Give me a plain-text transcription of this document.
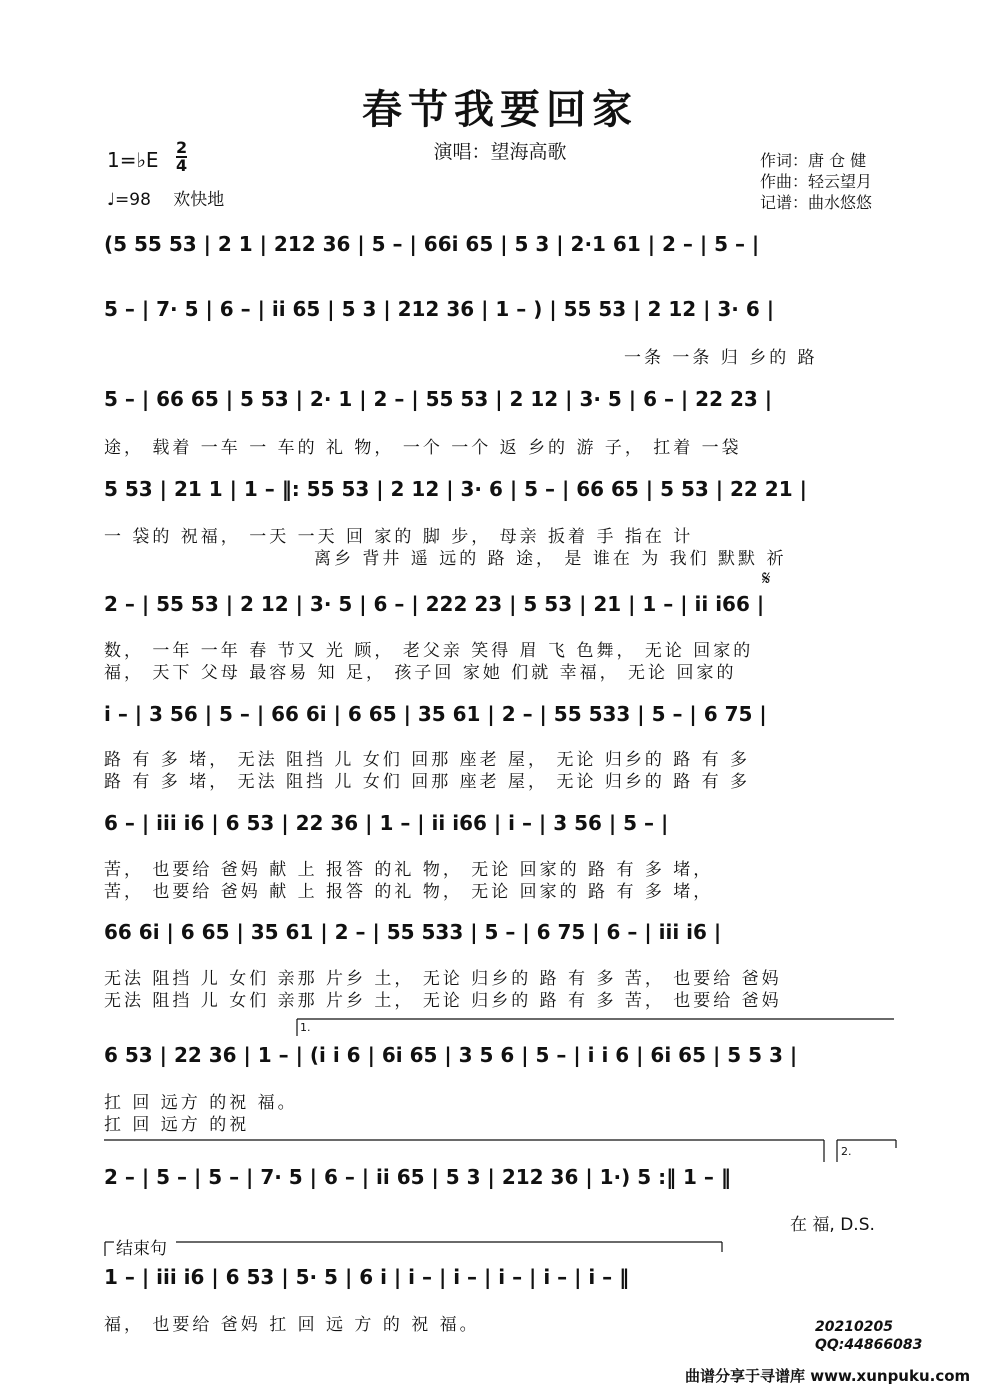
春节我要回家
演唱：望海高歌
1=♭E
2
4
♩=98　 欢快地
作词：唐 仓 健
作曲：轻云望月
记谱：曲水悠悠
(5 55 53 | 2 1 | 212 36 | 5 – | 66i 65 | 5 3 | 2·1 61 | 2 – | 5 – |
5 – | 7· 5 | 6 – | ii 65 | 5 3 | 212 36 | 1 – ) | 55 53 | 2 12 | 3· 6 |
一条 一条 归 乡的 路
5 – | 66 65 | 5 53 | 2· 1 | 2 – | 55 53 | 2 12 | 3· 5 | 6 – | 22 23 |
途， 载着 一车 一 车的 礼 物， 一个 一个 返 乡的 游 子， 扛着 一袋
5 53 | 21 1 | 1 – ‖: 55 53 | 2 12 | 3· 6 | 5 – | 66 65 | 5 53 | 22 21 |
一 袋的 祝福， 一天 一天 回 家的 脚 步， 母亲 扳着 手 指在 计
离乡 背井 遥 远的 路 途， 是 谁在 为 我们 默默 祈
𝄋
2 – | 55 53 | 2 12 | 3· 5 | 6 – | 222 23 | 5 53 | 21 | 1 – | ii i66 |
数， 一年 一年 春 节又 光 顾， 老父亲 笑得 眉 飞 色舞， 无论 回家的
福， 天下 父母 最容易 知 足， 孩子回 家她 们就 幸福， 无论 回家的
i – | 3 56 | 5 – | 66 6i | 6 65 | 35 61 | 2 – | 55 533 | 5 – | 6 75 |
路 有 多 堵， 无法 阻挡 儿 女们 回那 座老 屋， 无论 归乡的 路 有 多
路 有 多 堵， 无法 阻挡 儿 女们 回那 座老 屋， 无论 归乡的 路 有 多
6 – | iii i6 | 6 53 | 22 36 | 1 – | ii i66 | i – | 3 56 | 5 – |
苦， 也要给 爸妈 献 上 报答 的礼 物， 无论 回家的 路 有 多 堵，
苦， 也要给 爸妈 献 上 报答 的礼 物， 无论 回家的 路 有 多 堵，
66 6i | 6 65 | 35 61 | 2 – | 55 533 | 5 – | 6 75 | 6 – | iii i6 |
无法 阻挡 儿 女们 亲那 片乡 土， 无论 归乡的 路 有 多 苦， 也要给 爸妈
无法 阻挡 儿 女们 亲那 片乡 土， 无论 归乡的 路 有 多 苦， 也要给 爸妈
1.
6 53 | 22 36 | 1 – | (i i 6 | 6i 65 | 3 5 6 | 5 – | i i 6 | 6i 65 | 5 5 3 |
扛 回 远方 的祝 福。
扛 回 远方 的祝
2.
2 – | 5 – | 5 – | 7· 5 | 6 – | ii 65 | 5 3 | 212 36 | 1·) 5 :‖ 1 – ‖
在 福, D.S.
结束句
1 – | iii i6 | 6 53 | 5· 5 | 6 i | i – | i – | i – | i – | i – ‖
福， 也要给 爸妈 扛 回 远 方 的 祝 福。	20210205
QQ:44866083
曲谱分享于寻谱库 www.xunpuku.com
